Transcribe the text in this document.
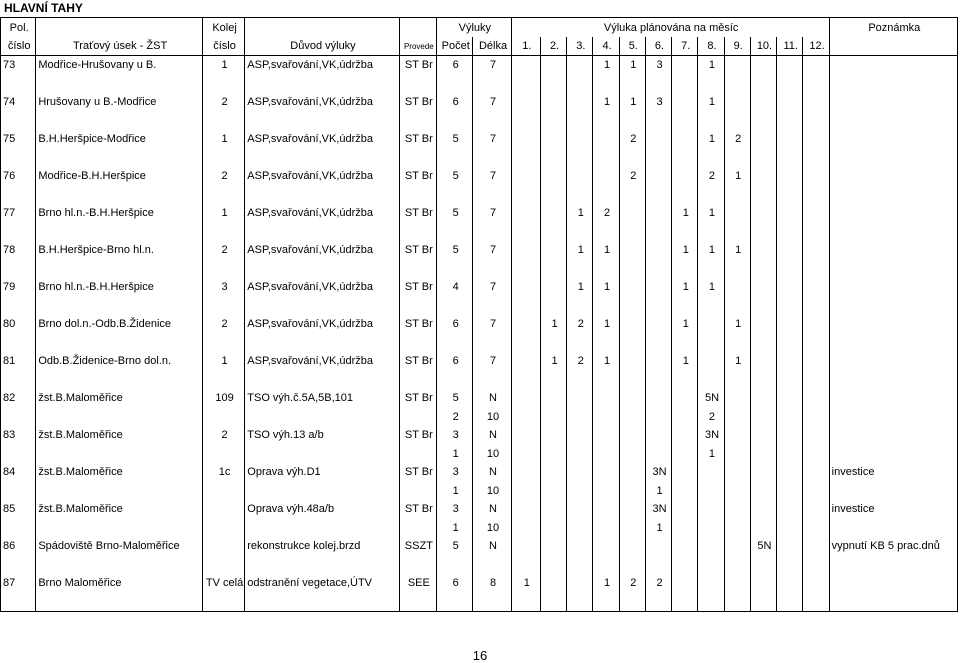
HLAVNÍ TAHY
Pol.		Kolej			Výluky		Výluka plánována na měsíc												Poznámka
číslo	Traťový úsek - ŽST	číslo	Důvod výluky	Provede	Počet	Délka	1.	2.	3.	4.	5.	6.	7.	8.	9.	10.	11.	12.	
73	Modřice-Hrušovany u B.	1	ASP,svařování,VK,údržba	ST Br	6	7				1	1	3		1					

74	Hrušovany u B.-Modřice	2	ASP,svařování,VK,údržba	ST Br	6	7				1	1	3		1					

75	B.H.Heršpice-Modřice	1	ASP,svařování,VK,údržba	ST Br	5	7					2			1	2				

76	Modřice-B.H.Heršpice	2	ASP,svařování,VK,údržba	ST Br	5	7					2			2	1				

77	Brno hl.n.-B.H.Heršpice	1	ASP,svařování,VK,údržba	ST Br	5	7			1	2			1	1					

78	B.H.Heršpice-Brno hl.n.	2	ASP,svařování,VK,údržba	ST Br	5	7			1	1			1	1	1				

79	Brno hl.n.-B.H.Heršpice	3	ASP,svařování,VK,údržba	ST Br	4	7			1	1			1	1					

80	Brno dol.n.-Odb.B.Židenice	2	ASP,svařování,VK,údržba	ST Br	6	7		1	2	1			1		1				

81	Odb.B.Židenice-Brno dol.n.	1	ASP,svařování,VK,údržba	ST Br	6	7		1	2	1			1		1				

82	žst.B.Maloměřice	109	TSO výh.č.5A,5B,101	ST Br	5	N								5N					
					2	10								2					
83	žst.B.Maloměřice	2	TSO výh.13 a/b	ST Br	3	N								3N					
					1	10								1					
84	žst.B.Maloměřice	1c	Oprava výh.D1	ST Br	3	N						3N							investice
					1	10						1							
85	žst.B.Maloměřice		Oprava výh.48a/b	ST Br	3	N						3N							investice
					1	10						1							
86	Spádoviště Brno-Maloměřice		rekonstrukce kolej.brzd	SSZT	5	N										5N			vypnutí KB 5 prac.dnů

87	Brno Maloměřice	TV celá	odstranění vegetace,ÚTV	SEE	6	8	1			1	2	2							

16
